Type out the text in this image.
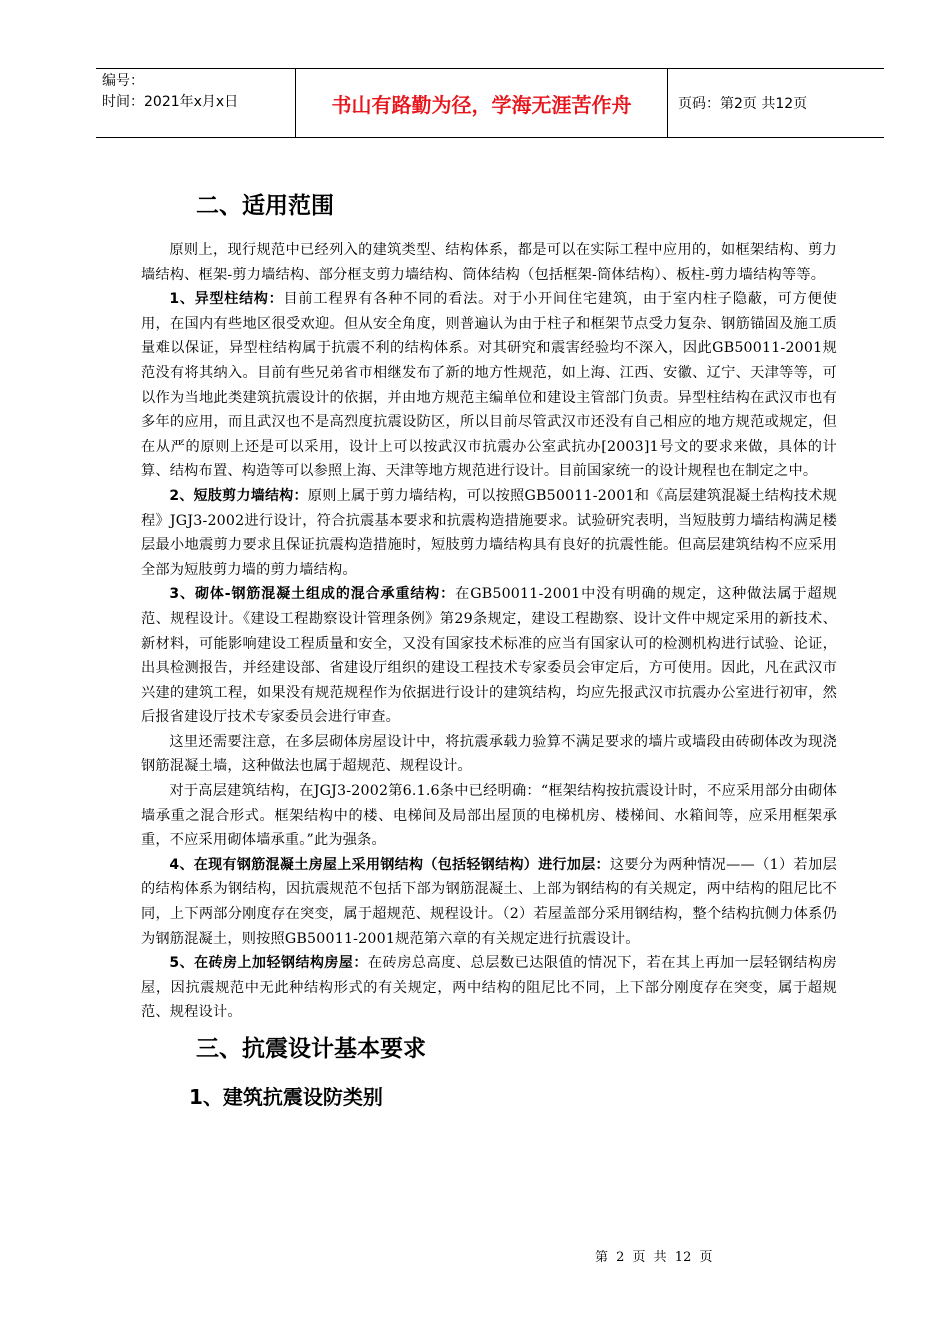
编号：
时间：2021年x月x日	书山有路勤为径，学海无涯苦作舟	页码：第2页 共12页
二、适用范围

原则上，现行规范中已经列入的建筑类型、结构体系，都是可以在实际工程中应用的，如框架结构、剪力墙结构、框架-剪力墙结构、部分框支剪力墙结构、筒体结构（包括框架-筒体结构）、板柱-剪力墙结构等等。

1、异型柱结构：目前工程界有各种不同的看法。对于小开间住宅建筑，由于室内柱子隐蔽，可方便使用，在国内有些地区很受欢迎。但从安全角度，则普遍认为由于柱子和框架节点受力复杂、钢筋锚固及施工质量难以保证，异型柱结构属于抗震不利的结构体系。对其研究和震害经验均不深入，因此GB50011-2001规范没有将其纳入。目前有些兄弟省市相继发布了新的地方性规范，如上海、江西、安徽、辽宁、天津等等，可以作为当地此类建筑抗震设计的依据，并由地方规范主编单位和建设主管部门负责。异型柱结构在武汉市也有多年的应用，而且武汉也不是高烈度抗震设防区，所以目前尽管武汉市还没有自己相应的地方规范或规定，但在从严的原则上还是可以采用，设计上可以按武汉市抗震办公室武抗办[2003]1号文的要求来做，具体的计算、结构布置、构造等可以参照上海、天津等地方规范进行设计。目前国家统一的设计规程也在制定之中。

2、短肢剪力墙结构：原则上属于剪力墙结构，可以按照GB50011-2001和《高层建筑混凝土结构技术规程》JGJ3-2002进行设计，符合抗震基本要求和抗震构造措施要求。试验研究表明，当短肢剪力墙结构满足楼层最小地震剪力要求且保证抗震构造措施时，短肢剪力墙结构具有良好的抗震性能。但高层建筑结构不应采用全部为短肢剪力墙的剪力墙结构。

3、砌体-钢筋混凝土组成的混合承重结构：在GB50011-2001中没有明确的规定，这种做法属于超规范、规程设计。《建设工程勘察设计管理条例》第29条规定，建设工程勘察、设计文件中规定采用的新技术、新材料，可能影响建设工程质量和安全，又没有国家技术标准的应当有国家认可的检测机构进行试验、论证，出具检测报告，并经建设部、省建设厅组织的建设工程技术专家委员会审定后，方可使用。因此，凡在武汉市兴建的建筑工程，如果没有规范规程作为依据进行设计的建筑结构，均应先报武汉市抗震办公室进行初审，然后报省建设厅技术专家委员会进行审查。

这里还需要注意，在多层砌体房屋设计中，将抗震承载力验算不满足要求的墙片或墙段由砖砌体改为现浇钢筋混凝土墙，这种做法也属于超规范、规程设计。

对于高层建筑结构，在JGJ3-2002第6.1.6条中已经明确：“框架结构按抗震设计时，不应采用部分由砌体墙承重之混合形式。框架结构中的楼、电梯间及局部出屋顶的电梯机房、楼梯间、水箱间等，应采用框架承重，不应采用砌体墙承重。”此为强条。

4、在现有钢筋混凝土房屋上采用钢结构（包括轻钢结构）进行加层：这要分为两种情况——（1）若加层的结构体系为钢结构，因抗震规范不包括下部为钢筋混凝土、上部为钢结构的有关规定，两中结构的阻尼比不同，上下两部分刚度存在突变，属于超规范、规程设计。（2）若屋盖部分采用钢结构，整个结构抗侧力体系仍为钢筋混凝土，则按照GB50011-2001规范第六章的有关规定进行抗震设计。

5、在砖房上加轻钢结构房屋：在砖房总高度、总层数已达限值的情况下，若在其上再加一层轻钢结构房屋，因抗震规范中无此种结构形式的有关规定，两中结构的阻尼比不同，上下部分刚度存在突变，属于超规范、规程设计。

三、抗震设计基本要求
1、建筑抗震设防类别
第 2 页 共 12 页
